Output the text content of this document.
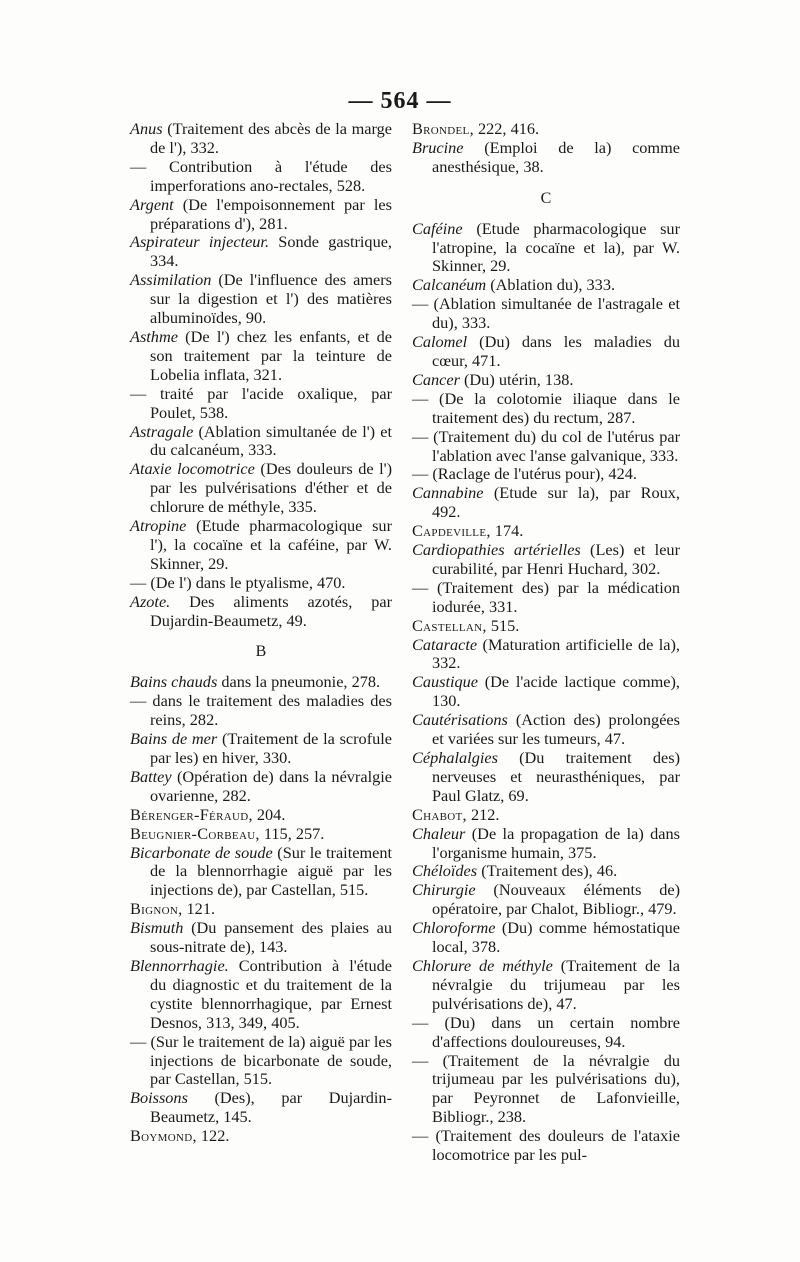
— 564 —

Anus (Traitement des abcès de la marge de l'), 332.

— Contribution à l'étude des imperforations ano-rectales, 528.

Argent (De l'empoisonnement par les préparations d'), 281.

Aspirateur injecteur. Sonde gastrique, 334.

Assimilation (De l'influence des amers sur la digestion et l') des matières albuminoïdes, 90.

Asthme (De l') chez les enfants, et de son traitement par la teinture de Lobelia inflata, 321.

— traité par l'acide oxalique, par Poulet, 538.

Astragale (Ablation simultanée de l') et du calcanéum, 333.

Ataxie locomotrice (Des douleurs de l') par les pulvérisations d'éther et de chlorure de méthyle, 335.

Atropine (Etude pharmacologique sur l'), la cocaïne et la caféine, par W. Skinner, 29.

— (De l') dans le ptyalisme, 470.

Azote. Des aliments azotés, par Dujardin-Beaumetz, 49.

B

Bains chauds dans la pneumonie, 278.

— dans le traitement des maladies des reins, 282.

Bains de mer (Traitement de la scrofule par les) en hiver, 330.

Battey (Opération de) dans la névralgie ovarienne, 282.

Bérenger-Féraud, 204.

Beugnier-Corbeau, 115, 257.

Bicarbonate de soude (Sur le traitement de la blennorrhagie aiguë par les injections de), par Castellan, 515.

Bignon, 121.

Bismuth (Du pansement des plaies au sous-nitrate de), 143.

Blennorrhagie. Contribution à l'étude du diagnostic et du traitement de la cystite blennorrhagique, par Ernest Desnos, 313, 349, 405.

— (Sur le traitement de la) aiguë par les injections de bicarbonate de soude, par Castellan, 515.

Boissons (Des), par Dujardin-Beaumetz, 145.

Boymond, 122.

Brondel, 222, 416.

Brucine (Emploi de la) comme anesthésique, 38.

C

Caféine (Etude pharmacologique sur l'atropine, la cocaïne et la), par W. Skinner, 29.

Calcanéum (Ablation du), 333.

— (Ablation simultanée de l'astragale et du), 333.

Calomel (Du) dans les maladies du cœur, 471.

Cancer (Du) utérin, 138.

— (De la colotomie iliaque dans le traitement des) du rectum, 287.

— (Traitement du) du col de l'utérus par l'ablation avec l'anse galvanique, 333.

— (Raclage de l'utérus pour), 424.

Cannabine (Etude sur la), par Roux, 492.

Capdeville, 174.

Cardiopathies artérielles (Les) et leur curabilité, par Henri Huchard, 302.

— (Traitement des) par la médication iodurée, 331.

Castellan, 515.

Cataracte (Maturation artificielle de la), 332.

Caustique (De l'acide lactique comme), 130.

Cautérisations (Action des) prolongées et variées sur les tumeurs, 47.

Céphalalgies (Du traitement des) nerveuses et neurasthéniques, par Paul Glatz, 69.

Chabot, 212.

Chaleur (De la propagation de la) dans l'organisme humain, 375.

Chéloïdes (Traitement des), 46.

Chirurgie (Nouveaux éléments de) opératoire, par Chalot, Bibliogr., 479.

Chloroforme (Du) comme hémostatique local, 378.

Chlorure de méthyle (Traitement de la névralgie du trijumeau par les pulvérisations de), 47.

— (Du) dans un certain nombre d'affections douloureuses, 94.

— (Traitement de la névralgie du trijumeau par les pulvérisations du), par Peyronnet de Lafonvieille, Bibliogr., 238.

— (Traitement des douleurs de l'ataxie locomotrice par les pul-
